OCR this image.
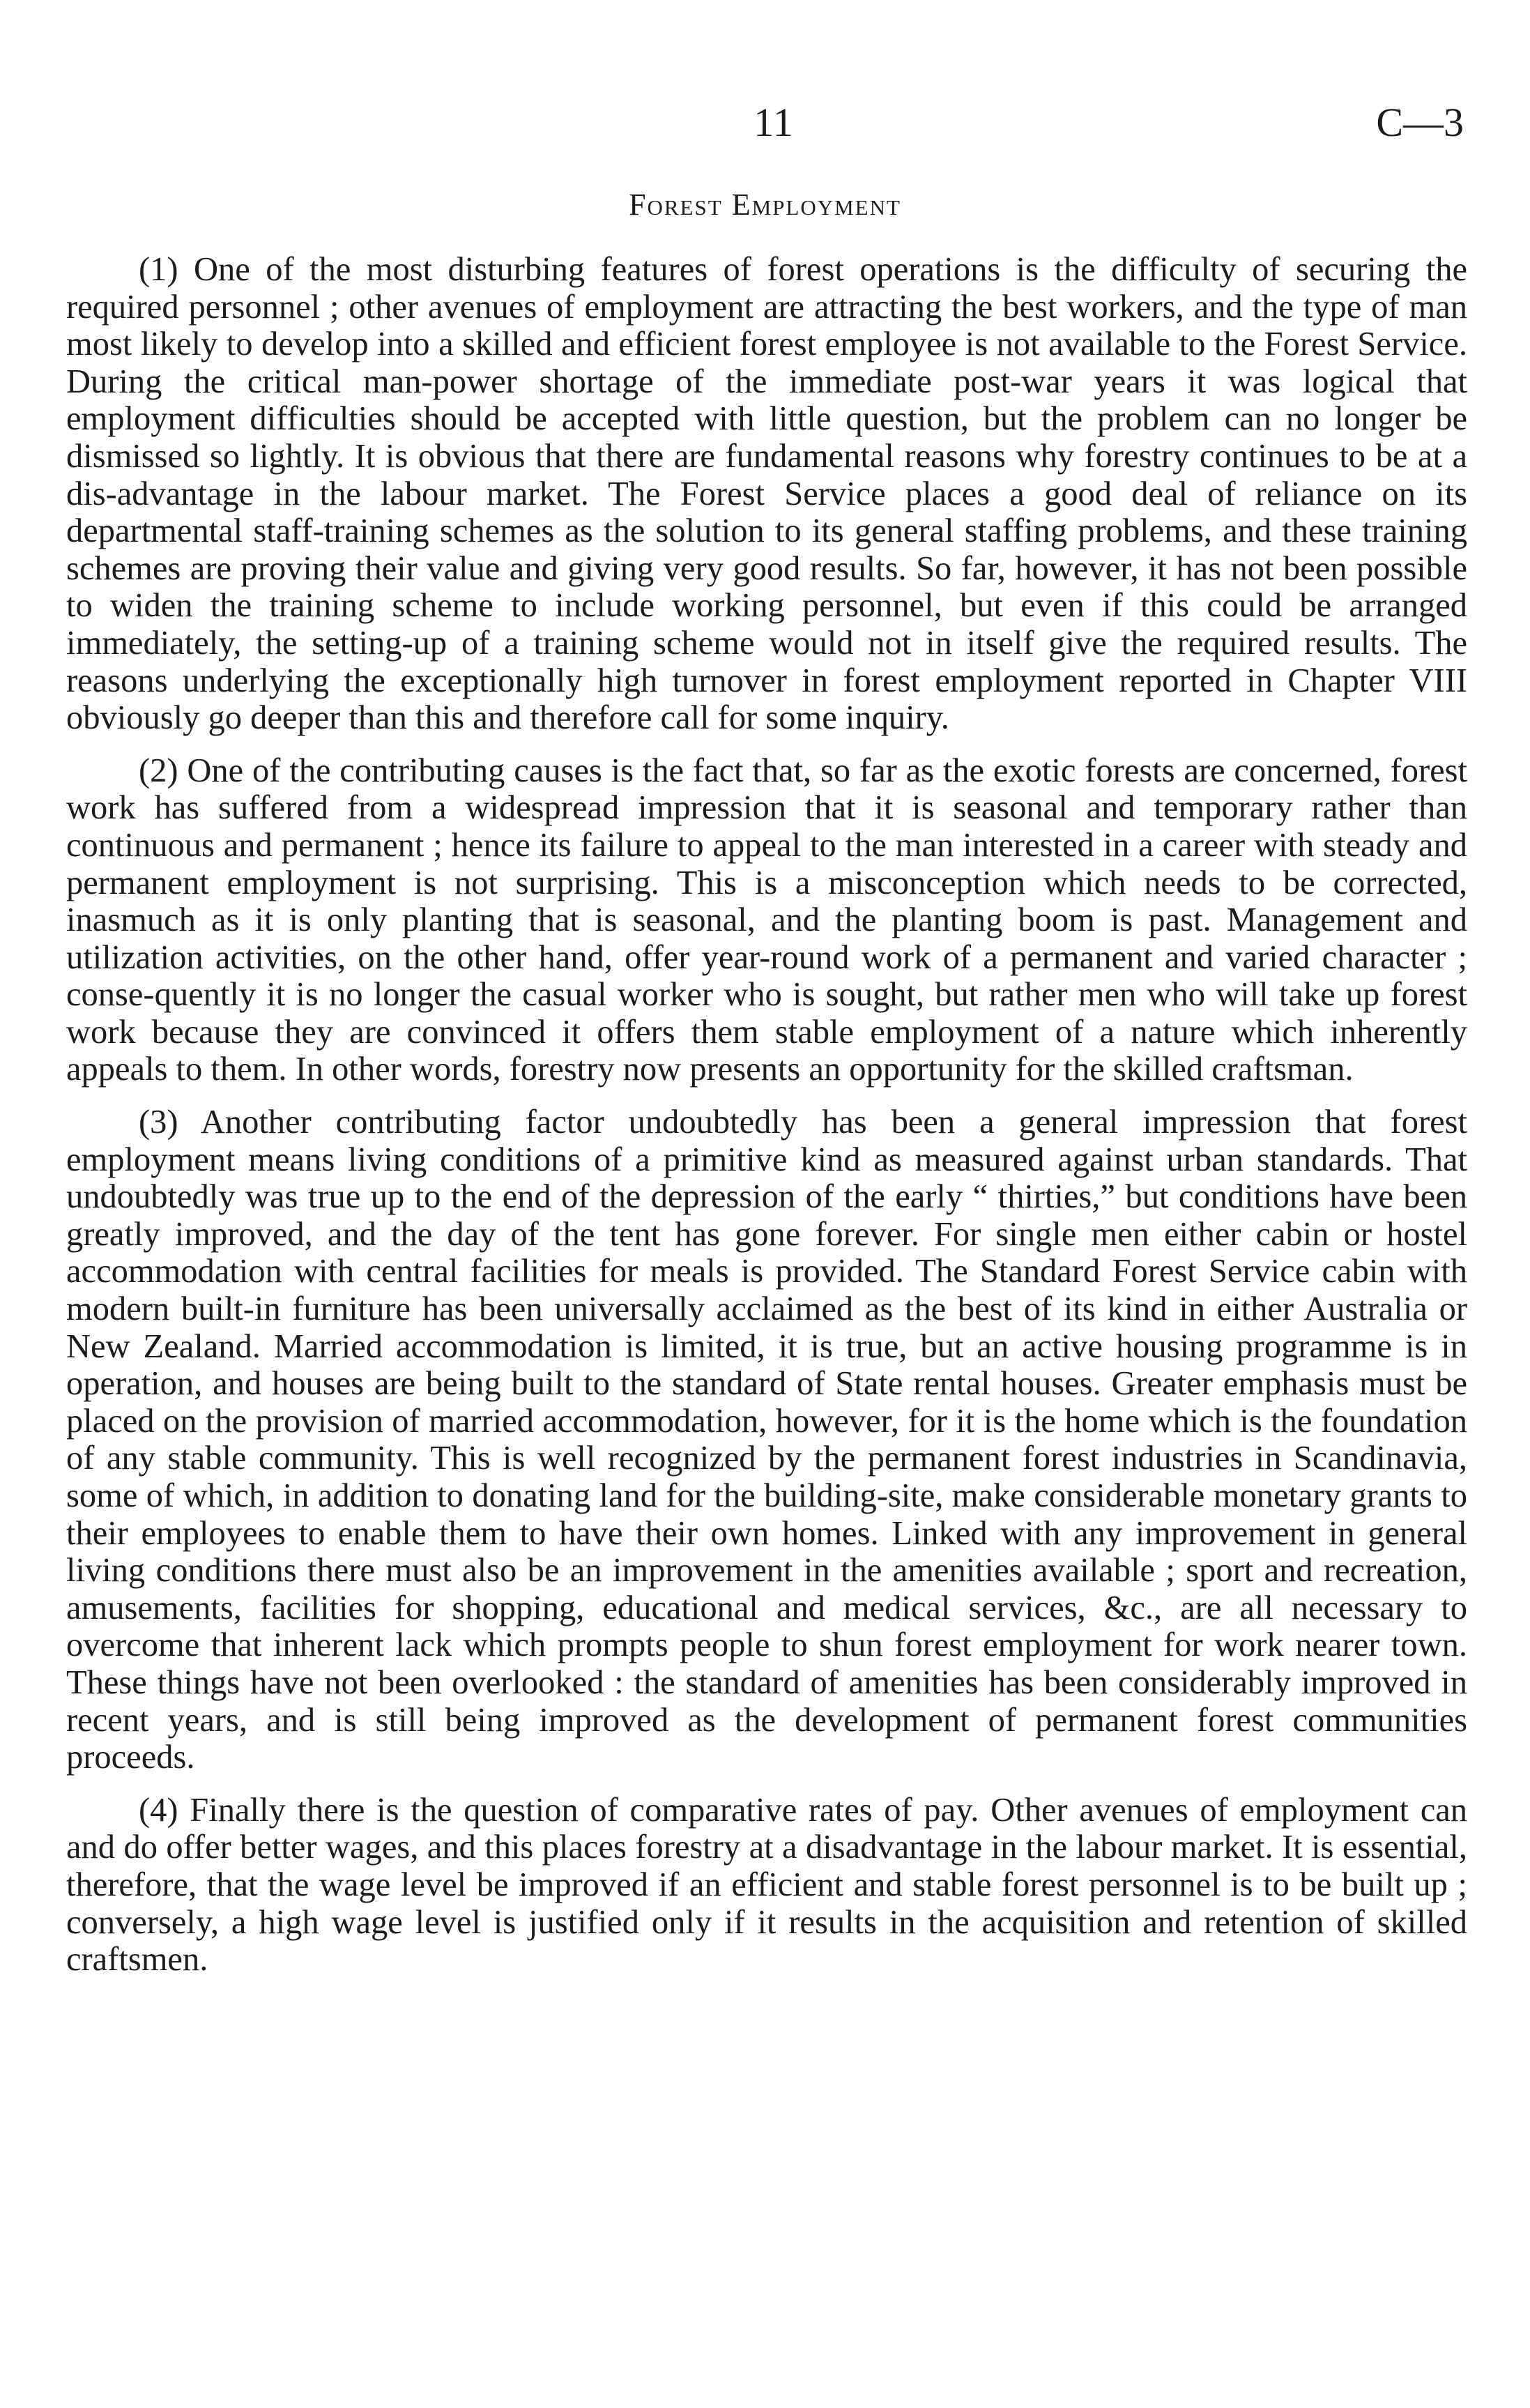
11	C—3
Forest Employment

(1) One of the most disturbing features of forest operations is the difficulty of securing the required personnel ; other avenues of employment are attracting the best workers, and the type of man most likely to develop into a skilled and efficient forest employee is not available to the Forest Service. During the critical man-power shortage of the immediate post-war years it was logical that employment difficulties should be accepted with little question, but the problem can no longer be dismissed so lightly. It is obvious that there are fundamental reasons why forestry continues to be at a dis-advantage in the labour market. The Forest Service places a good deal of reliance on its departmental staff-training schemes as the solution to its general staffing problems, and these training schemes are proving their value and giving very good results. So far, however, it has not been possible to widen the training scheme to include working personnel, but even if this could be arranged immediately, the setting-up of a training scheme would not in itself give the required results. The reasons underlying the exceptionally high turnover in forest employment reported in Chapter VIII obviously go deeper than this and therefore call for some inquiry.

(2) One of the contributing causes is the fact that, so far as the exotic forests are concerned, forest work has suffered from a widespread impression that it is seasonal and temporary rather than continuous and permanent ; hence its failure to appeal to the man interested in a career with steady and permanent employment is not surprising. This is a misconception which needs to be corrected, inasmuch as it is only planting that is seasonal, and the planting boom is past. Management and utilization activities, on the other hand, offer year-round work of a permanent and varied character ; conse-quently it is no longer the casual worker who is sought, but rather men who will take up forest work because they are convinced it offers them stable employment of a nature which inherently appeals to them. In other words, forestry now presents an opportunity for the skilled craftsman.

(3) Another contributing factor undoubtedly has been a general impression that forest employment means living conditions of a primitive kind as measured against urban standards. That undoubtedly was true up to the end of the depression of the early “ thirties,” but conditions have been greatly improved, and the day of the tent has gone forever. For single men either cabin or hostel accommodation with central facilities for meals is provided. The Standard Forest Service cabin with modern built-in furniture has been universally acclaimed as the best of its kind in either Australia or New Zealand. Married accommodation is limited, it is true, but an active housing programme is in operation, and houses are being built to the standard of State rental houses. Greater emphasis must be placed on the provision of married accommodation, however, for it is the home which is the foundation of any stable community. This is well recognized by the permanent forest industries in Scandinavia, some of which, in addition to donating land for the building-site, make considerable monetary grants to their employees to enable them to have their own homes. Linked with any improvement in general living conditions there must also be an improvement in the amenities available ; sport and recreation, amusements, facilities for shopping, educational and medical services, &c., are all necessary to overcome that inherent lack which prompts people to shun forest employment for work nearer town. These things have not been overlooked : the standard of amenities has been considerably improved in recent years, and is still being improved as the development of permanent forest communities proceeds.

(4) Finally there is the question of comparative rates of pay. Other avenues of employment can and do offer better wages, and this places forestry at a disadvantage in the labour market. It is essential, therefore, that the wage level be improved if an efficient and stable forest personnel is to be built up ; conversely, a high wage level is justified only if it results in the acquisition and retention of skilled craftsmen.
